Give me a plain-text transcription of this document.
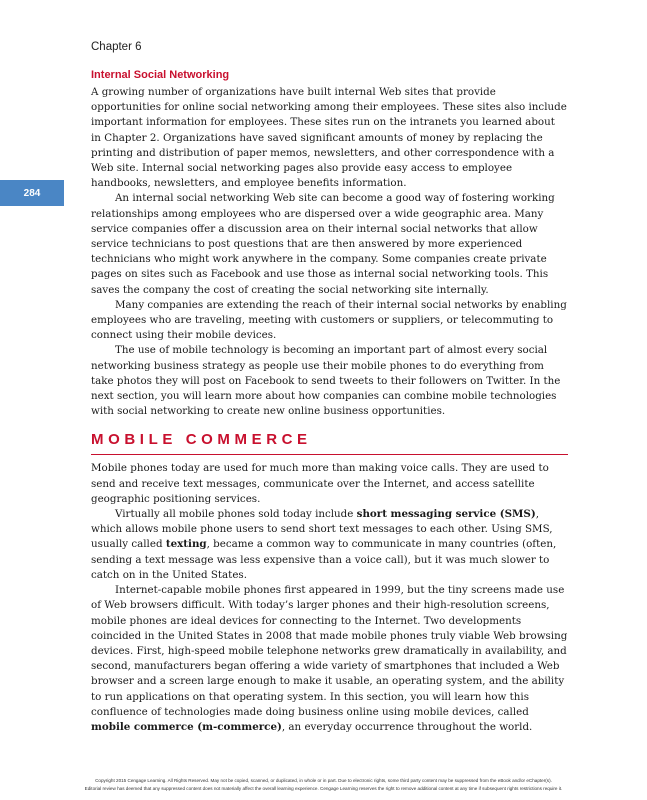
Chapter 6
284
Internal Social Networking

A growing number of organizations have built internal Web sites that provide opportunities for online social networking among their employees. These sites also include important information for employees. These sites run on the intranets you learned about in Chapter 2. Organizations have saved significant amounts of money by replacing the printing and distribution of paper memos, newsletters, and other correspondence with a Web site. Internal social networking pages also provide easy access to employee handbooks, newsletters, and employee benefits information.

An internal social networking Web site can become a good way of fostering working relationships among employees who are dispersed over a wide geographic area. Many service companies offer a discussion area on their internal social networks that allow service technicians to post questions that are then answered by more experienced technicians who might work anywhere in the company. Some companies create private pages on sites such as Facebook and use those as internal social networking tools. This saves the company the cost of creating the social networking site internally.

Many companies are extending the reach of their internal social networks by enabling employees who are traveling, meeting with customers or suppliers, or telecommuting to connect using their mobile devices.

The use of mobile technology is becoming an important part of almost every social networking business strategy as people use their mobile phones to do everything from take photos they will post on Facebook to send tweets to their followers on Twitter. In the next section, you will learn more about how companies can combine mobile technologies with social networking to create new online business opportunities.

MOBILE COMMERCE

Mobile phones today are used for much more than making voice calls. They are used to send and receive text messages, communicate over the Internet, and access satellite geographic positioning services.

Virtually all mobile phones sold today include short messaging service (SMS), which allows mobile phone users to send short text messages to each other. Using SMS, usually called texting, became a common way to communicate in many countries (often, sending a text message was less expensive than a voice call), but it was much slower to catch on in the United States.

Internet-capable mobile phones first appeared in 1999, but the tiny screens made use of Web browsers difficult. With today’s larger phones and their high-resolution screens, mobile phones are ideal devices for connecting to the Internet. Two developments coincided in the United States in 2008 that made mobile phones truly viable Web browsing devices. First, high-speed mobile telephone networks grew dramatically in availability, and second, manufacturers began offering a wide variety of smartphones that included a Web browser and a screen large enough to make it usable, an operating system, and the ability to run applications on that operating system. In this section, you will learn how this confluence of technologies made doing business online using mobile devices, called mobile commerce (m-commerce), an everyday occurrence throughout the world.

Copyright 2015 Cengage Learning. All Rights Reserved. May not be copied, scanned, or duplicated, in whole or in part. Due to electronic rights, some third party content may be suppressed from the eBook and/or eChapter(s).
Editorial review has deemed that any suppressed content does not materially affect the overall learning experience. Cengage Learning reserves the right to remove additional content at any time if subsequent rights restrictions require it.
